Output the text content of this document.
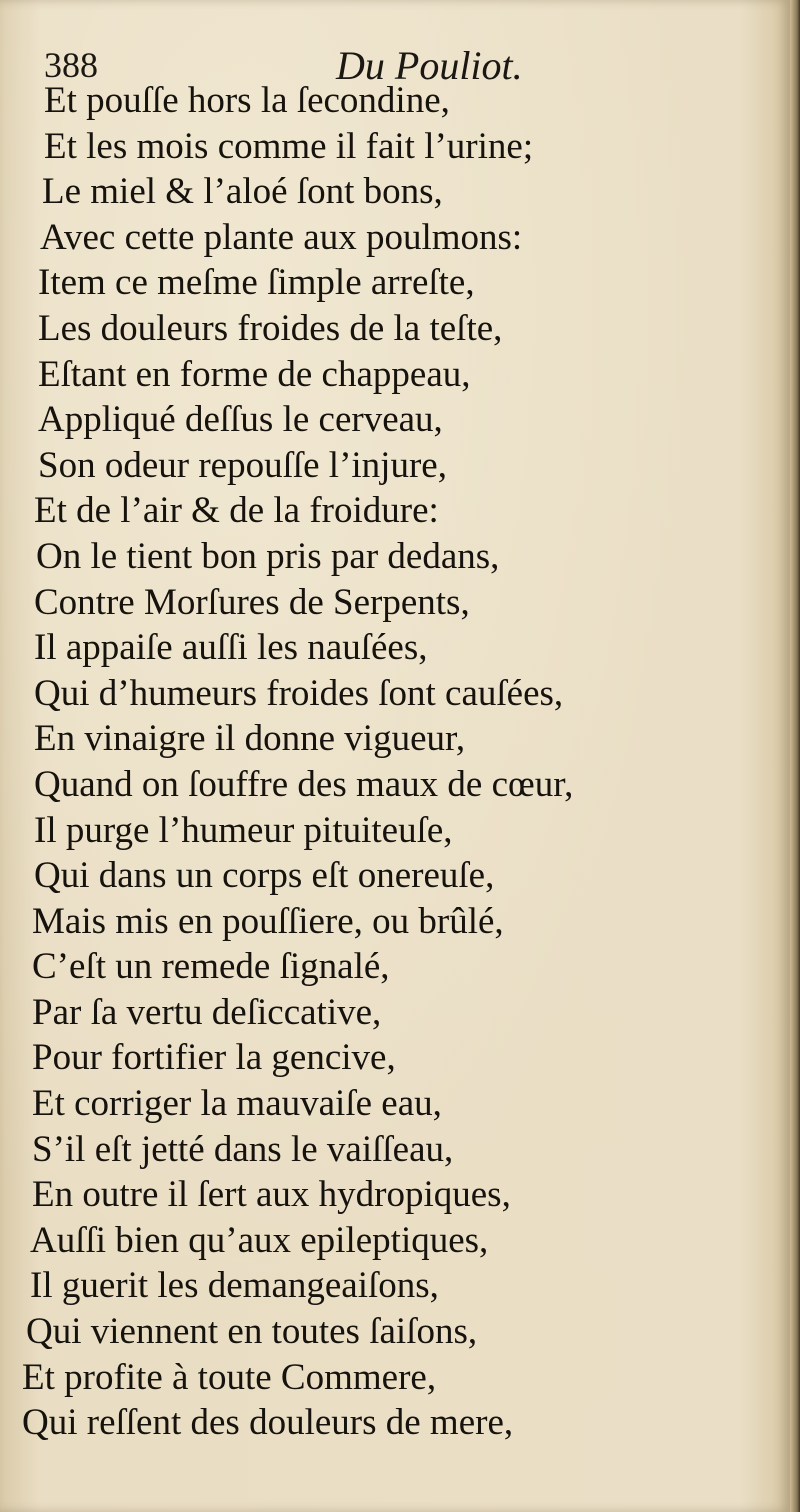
388	Du Pouliot.
Et pouſſe hors la ſecondine,
Et les mois comme il fait l’urine;
Le miel & l’aloé ſont bons,
Avec cette plante aux poulmons:
Item ce meſme ſimple arreſte,
Les douleurs froides de la teſte,
Eſtant en forme de chappeau,
Appliqué deſſus le cerveau,
Son odeur repouſſe l’injure,
Et de l’air & de la froidure:
On le tient bon pris par dedans,
Contre Morſures de Serpents,
Il appaiſe auſſi les nauſées,
Qui d’humeurs froides ſont cauſées,
En vinaigre il donne vigueur,
Quand on ſouffre des maux de cœur,
Il purge l’humeur pituiteuſe,
Qui dans un corps eſt onereuſe,
Mais mis en pouſſiere, ou brûlé,
C’eſt un remede ſignalé,
Par ſa vertu deſiccative,
Pour fortifier la gencive,
Et corriger la mauvaiſe eau,
S’il eſt jetté dans le vaiſſeau,
En outre il ſert aux hydropiques,
Auſſi bien qu’aux epileptiques,
Il guerit les demangeaiſons,
Qui viennent en toutes ſaiſons,
Et profite à toute Commere,
Qui reſſent des douleurs de mere,
